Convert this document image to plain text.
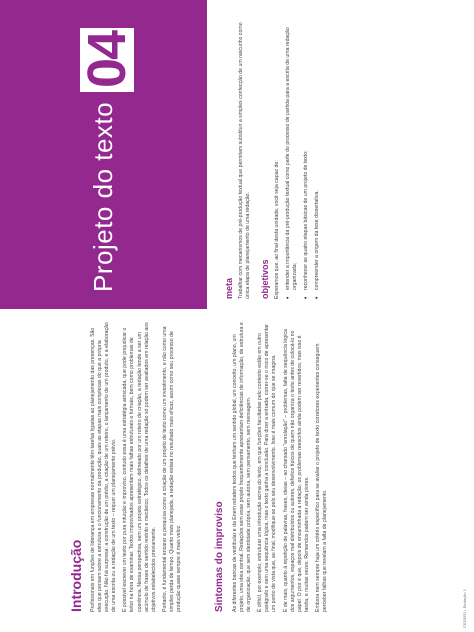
04
Projeto do texto
Introdução Profissionais em funções de liderança em empresas normalmente têm tarefas ligadas ao planejamento das presenças. São eles que pensam sobre a estrutura e o funcionamento da produção, quais as etapas mais complexas do que a própria execução. Não há surpresa: a construção de um prédio, a criação de um roteiro, o lançamento de um produto, e a elaboração de uma escrita ou a redação de um texto – requer um planejamento prévio. É possível escrever um texto por pura intuição e improviso, contudo essa é uma estratégia arriscada, que pode prejudicar o leitor na hora de examinar. Textos improvisados apresentam mais falhas estruturais e formais, bem como problemas de coerência. Nessa perspectiva, sem um projeto estratégico, delineado por um roteiro de criação, a redação tende a ser um acúmulo de frases de sentido restrito e mecânico. Todos os detalhes de uma redação só podem ser avaliados em relação aos objetivos estabelecidos previamente. Portanto, é fundamental encarar a pesquisa como a criação de um projeto de texto como um investimento, e não como uma simples perda de tempo. Quanto mais planejada, a redação estará no resultado mais eficaz, assim como seu processo de produção quase sempre é mais veloz.	Sintomas do improviso As diferentes bancas de vestibular e da Enem rebatem textos que tenham um sentido global, um conceito, um plano, um projeto, uma ideia central. Redações sem esse projeto frequentemente apresentam deficiências de informação, de estrutura e de organização, que sem identidade própria, sem autoria, sem pensamento, sem mensagem. É difícil, por exemplo, estruturar uma introdução acima do texto, em que funções facultadas pelo contexto estão em outro parágrafo e sem uma sequência lógica, mas o texto ganha a conclusão. Para dizer a entrada, correr-se o risco de apresentar um ponto de vista que, ao final, modifique-se pelo seu desenvolvimento. Isso é mais comum do que se imagina. É de mais, quanto à repetição de palavras, frases, ideias – ao chamado "enrolação" – problemas, falta de sequência lógica dos argumentos, espaços mal distribuídos ou autores, defeitos típicos de quem não organiza o texto antes de colocá-lo no papel. O pior é que, depois de encaminhada a redação, os problemas reescritos ainda podem ser revertidos, mas isso é tardia, e muitas vezes. Remendos padem ser ainda piores. Embora nem sempre haja um critério específico para se avaliar o projeto de texto corretores experientes conseguem perceber falhas que revelam a falta de planejamento.

meta Trabalhar com mecanismos de pré-produção textual que permitam substituir a simples confecção de um rascunho como única etapa de planejamento de uma redação. objetivos Esperamos que, ao final desta unidade, você seja capaz de: • entender a importância da pré-produção textual como parte do processo de partida para a escrita de uma redação organizada; • reconhecer as quatro etapas básicas de um projeto de texto; • compreender a origem da tese dissertativa.
CEDERJ • Redação 1
